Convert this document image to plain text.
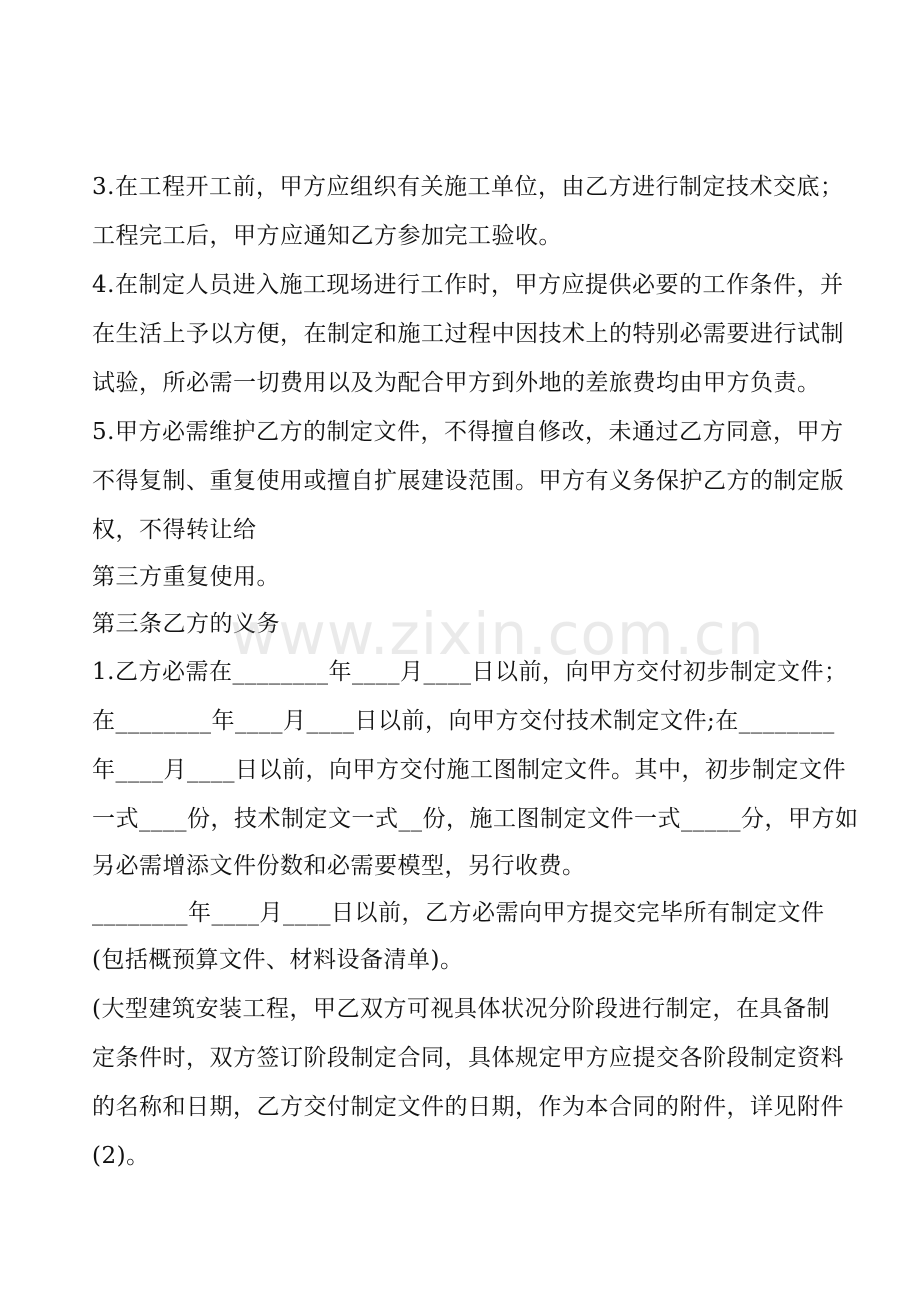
3.在工程开工前，甲方应组织有关施工单位，由乙方进行制定技术交底；
工程完工后，甲方应通知乙方参加完工验收。
4.在制定人员进入施工现场进行工作时，甲方应提供必要的工作条件，并
在生活上予以方便，在制定和施工过程中因技术上的特别必需要进行试制
试验，所必需一切费用以及为配合甲方到外地的差旅费均由甲方负责。
5.甲方必需维护乙方的制定文件，不得擅自修改，未通过乙方同意，甲方
不得复制、重复使用或擅自扩展建设范围。甲方有义务保护乙方的制定版
权，不得转让给
第三方重复使用。
第三条乙方的义务
1.乙方必需在________年____月____日以前，向甲方交付初步制定文件；
在________年____月____日以前，向甲方交付技术制定文件;在________
年____月____日以前，向甲方交付施工图制定文件。其中，初步制定文件
一式____份，技术制定文一式__份，施工图制定文件一式_____分，甲方如
另必需增添文件份数和必需要模型，另行收费。
________年____月____日以前，乙方必需向甲方提交完毕所有制定文件
(包括概预算文件、材料设备清单)。
(大型建筑安装工程，甲乙双方可视具体状况分阶段进行制定，在具备制
定条件时，双方签订阶段制定合同，具体规定甲方应提交各阶段制定资料
的名称和日期，乙方交付制定文件的日期，作为本合同的附件，详见附件
(2)。
www.zixin.com.cn
